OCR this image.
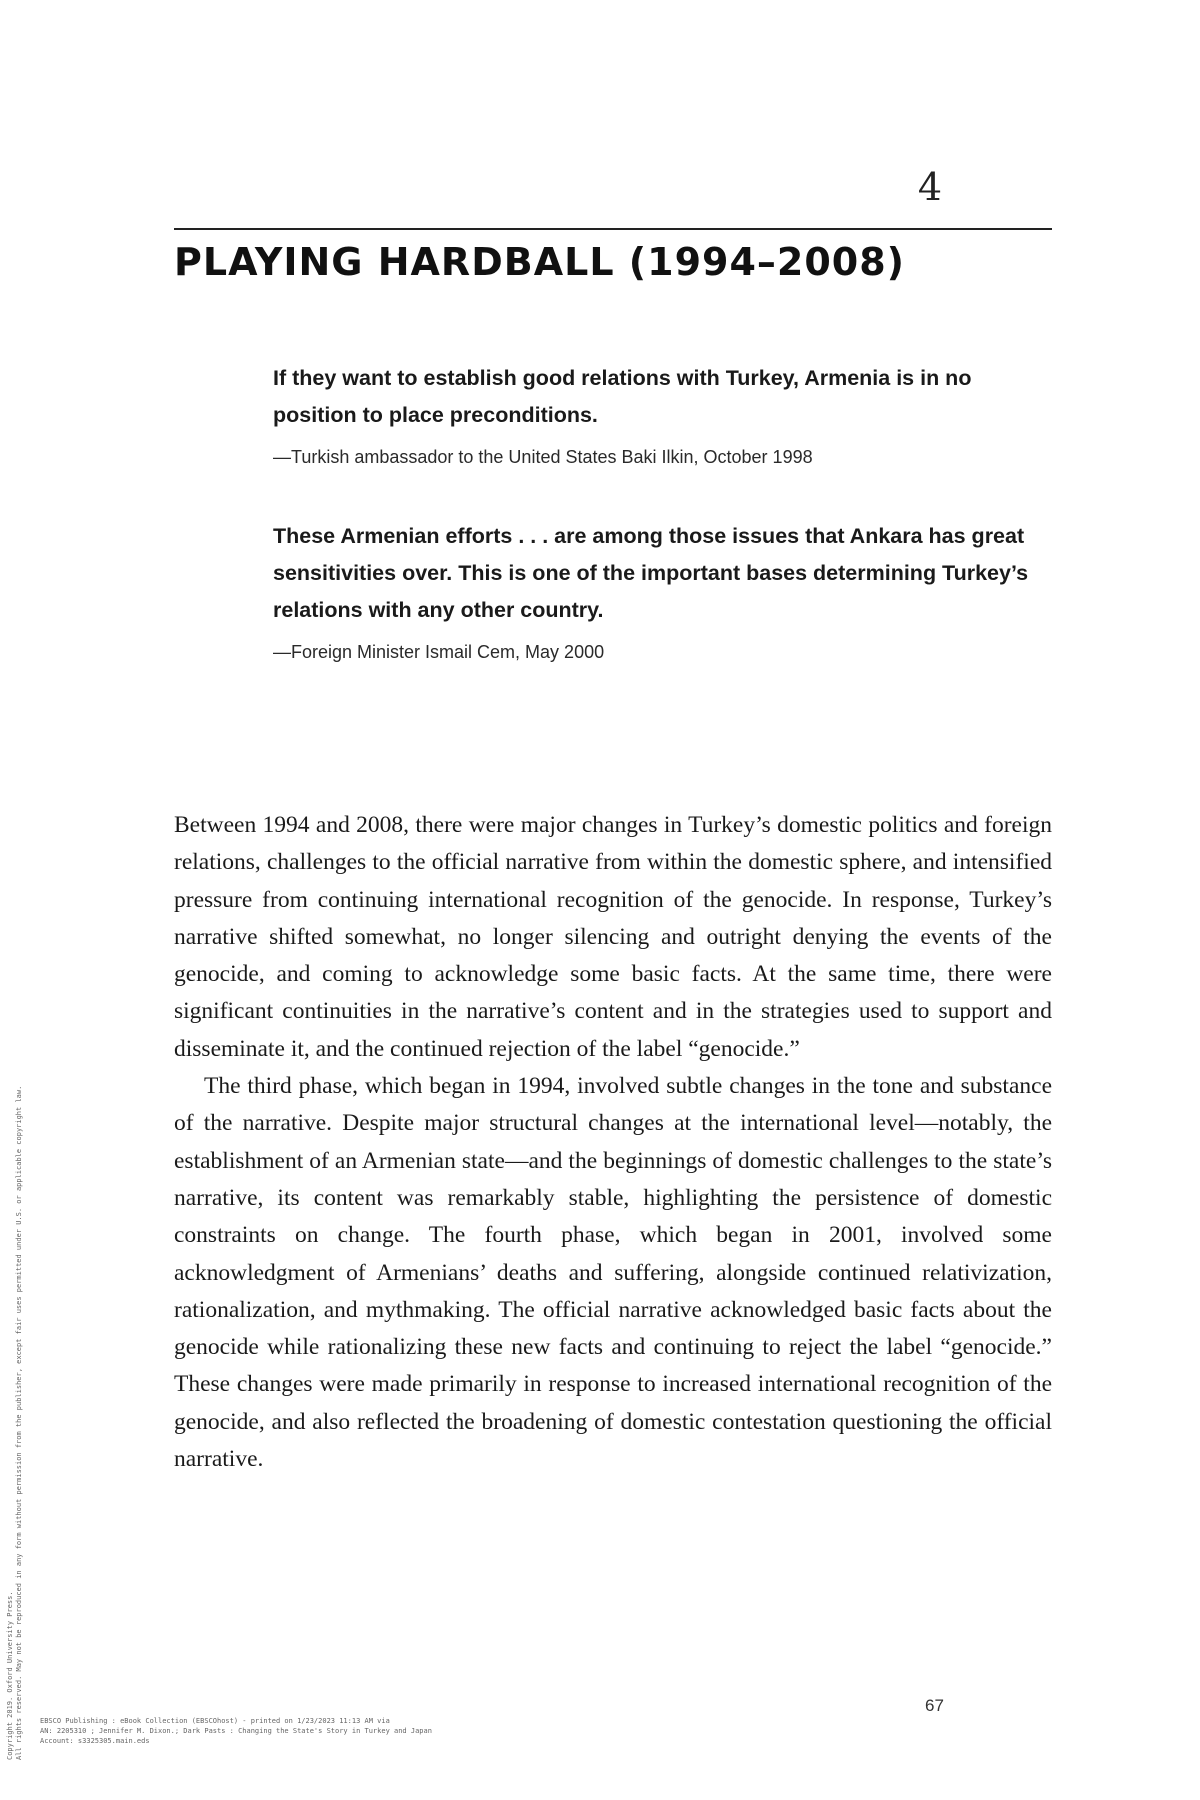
4

PLAYING HARDBALL (1994–2008)

If they want to establish good relations with Turkey, Armenia is in no position to place preconditions.

—Turkish ambassador to the United States Baki Ilkin, October 1998

These Armenian efforts . . . are among those issues that Ankara has great sensitivities over. This is one of the important bases determining Turkey’s relations with any other country.

—Foreign Minister Ismail Cem, May 2000

Between 1994 and 2008, there were major changes in Turkey’s domestic politics and foreign relations, challenges to the official narrative from within the domestic sphere, and intensified pressure from continuing international recognition of the genocide. In response, Turkey’s narrative shifted somewhat, no longer silencing and outright denying the events of the genocide, and coming to acknowledge some basic facts. At the same time, there were significant continuities in the narrative’s content and in the strategies used to support and disseminate it, and the continued rejection of the label “genocide.”

The third phase, which began in 1994, involved subtle changes in the tone and substance of the narrative. Despite major structural changes at the international level—notably, the establishment of an Armenian state—and the beginnings of domestic challenges to the state’s narrative, its content was remarkably stable, highlighting the persistence of domestic constraints on change. The fourth phase, which began in 2001, involved some acknowledgment of Armenians’ deaths and suffering, alongside continued relativization, rationalization, and mythmaking. The official narrative acknowledged basic facts about the genocide while rationalizing these new facts and continuing to reject the label “genocide.” These changes were made primarily in response to increased international recognition of the genocide, and also reflected the broadening of domestic contestation questioning the official narrative.

67

Copyright 2019. Oxford University Press. All rights reserved. May not be reproduced in any form without permission from the publisher, except fair uses permitted under U.S. or applicable copyright law. EBSCO Publishing : eBook Collection (EBSCOhost) - printed on 1/23/2023 11:13 AM via
AN: 2205310 ; Jennifer M. Dixon.; Dark Pasts : Changing the State's Story in Turkey and Japan
Account: s3325305.main.eds
